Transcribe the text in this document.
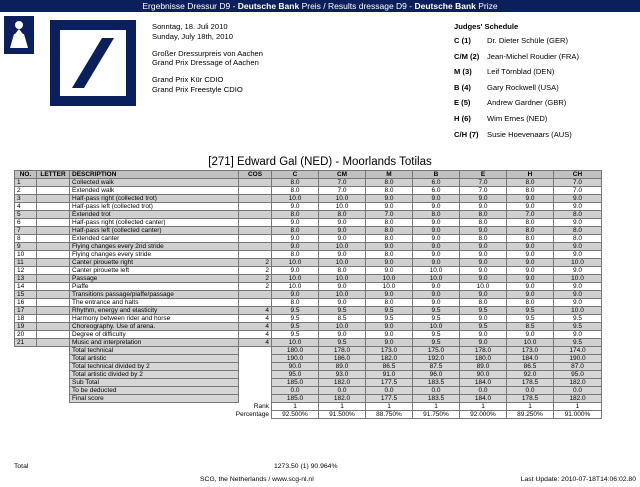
Ergebnisse Dressur D9 - Deutsche Bank Preis / Results dressage D9 - Deutsche Bank Prize
Sonntag, 18. Juli 2010
Sunday, July 18th, 2010
Großer Dressurpreis von Aachen
Grand Prix Dressage of Aachen
Grand Prix Kür CDIO
Grand Prix Freestyle CDIO
Judges' Schedule
C (1)	Dr. Dieter Schüle (GER)
C/M (2)	Jean-Michel Roudier (FRA)
M (3)	Leif Törnblad (DEN)
B (4)	Gary Rockwell (USA)
E (5)	Andrew Gardner (GBR)
H (6)	Wim Ernes (NED)
C/H (7)	Susie Hoevenaars (AUS)
[271] Edward Gal (NED) - Moorlands Totilas
NO.	LETTER	DESCRIPTION	COS	C	CM	M	B	E	H	CH
1		Collected walk		8.0	7.0	8.0	6.0	7.0	8.0	7.0
2		Extended walk		8.0	7.0	8.0	6.0	7.0	8.0	7.0
3		Half-pass right (collected trot)		10.0	10.0	9.0	9.0	9.0	9.0	9.0
4		Half-pass left (collected trot)		9.0	10.0	9.0	9.0	9.0	9.0	9.0
5		Extended trot		8.0	8.0	7.0	8.0	8.0	7.0	8.0
6		Half-pass right (collected canter)		9.0	9.0	8.0	9.0	8.0	8.0	9.0
7		Half-pass left (collected canter)		8.0	9.0	8.0	9.0	9.0	8.0	8.0
8		Extended canter		9.0	9.0	8.0	9.0	8.0	8.0	8.0
9		Flying changes every 2nd stride		9.0	10.0	9.0	9.0	9.0	9.0	9.0
10		Flying changes every stride		8.0	9.0	8.0	9.0	9.0	9.0	9.0
11		Canter pirouette right	2	10.0	10.0	9.0	9.0	9.0	9.0	10.0
12		Canter pirouette left	2	9.0	8.0	9.0	10.0	9.0	9.0	9.0
13		Passage	2	10.0	10.0	10.0	10.0	9.0	9.0	10.0
14		Piaffe	2	10.0	9.0	10.0	9.0	10.0	9.0	9.0
15		Transitions passage/piaffe/passage		9.0	10.0	9.0	9.0	9.0	9.0	9.0
16		The entrance and halts		8.0	9.0	8.0	9.0	8.0	8.0	9.0
17		Rhythm, energy and elasticity	4	9.5	9.5	9.5	9.5	9.5	9.5	10.0
18		Harmony between rider and horse	4	9.5	8.5	9.5	9.5	9.0	9.5	9.5
19		Choreography. Use of arena.	4	9.5	10.0	9.0	10.0	9.5	8.5	9.5
20		Degree of difficulty	4	9.5	9.0	9.0	9.5	9.0	9.0	9.0
21		Music and interpretation	4	10.0	9.5	9.0	9.5	9.0	10.0	9.5
		Total technical		180.0	178.0	173.0	175.0	178.0	173.0	174.0
		Total artistic		190.0	186.0	182.0	192.0	180.0	184.0	190.0
		Total technical divided by 2		90.0	89.0	86.5	87.5	89.0	86.5	87.0
		Total artistic divided by 2		95.0	93.0	91.0	96.0	90.0	92.0	95.0
		Sub Total		185.0	182.0	177.5	183.5	184.0	178.5	182.0
		To be deducted		0.0	0.0	0.0	0.0	0.0	0.0	0.0
		Final score		185.0	182.0	177.5	183.5	184.0	178.5	182.0
Rank				1	1	1	1	1	1	1
Percentage				92.500%	91.500%	88.750%	91.750%	92.000%	89.250%	91.000%
Total	1273.50 (1) 90.964%
SCG, the Netherlands / www.scg-nl.nl	Last Update: 2010-07-18T14:06:02.80
